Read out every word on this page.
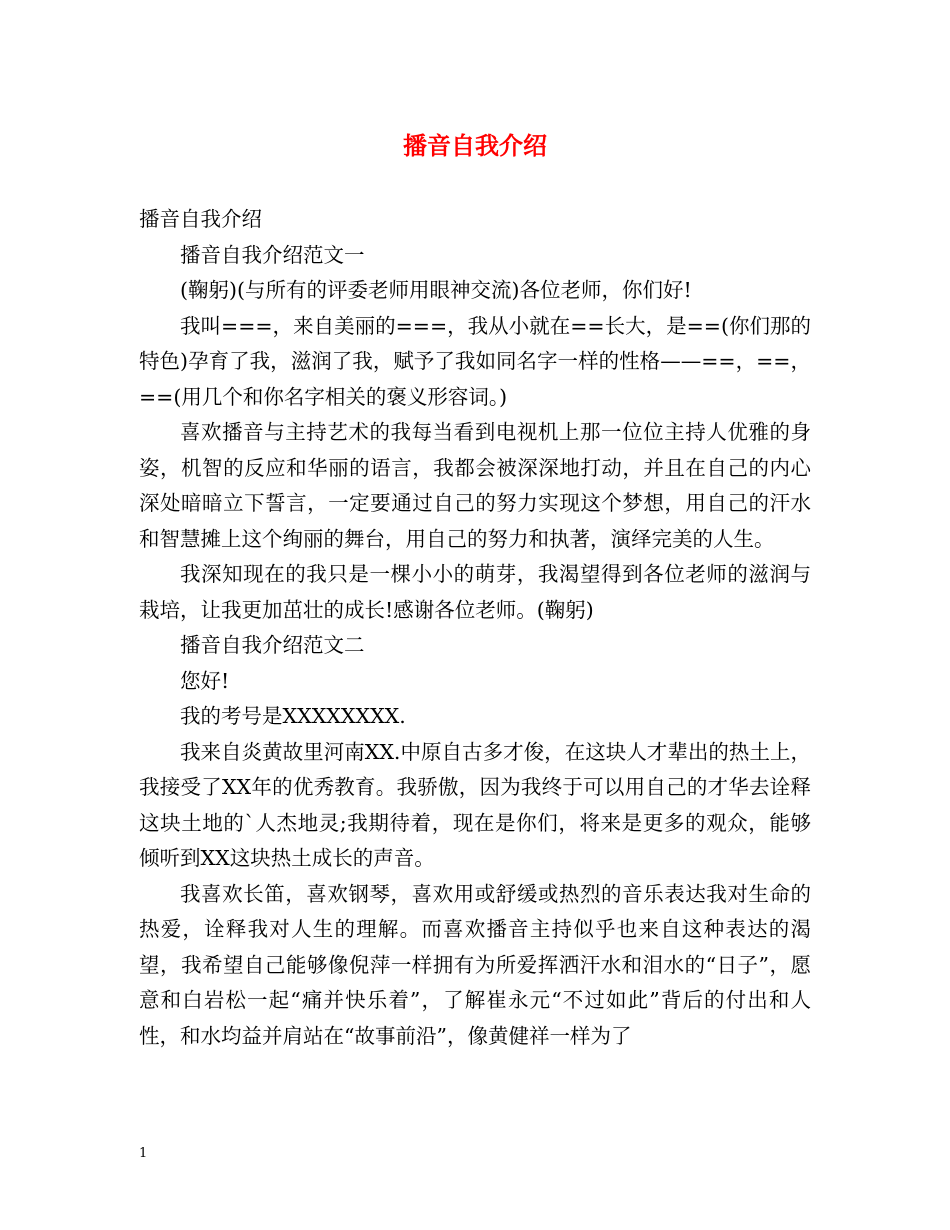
播音自我介绍

播音自我介绍

播音自我介绍范文一

(鞠躬)(与所有的评委老师用眼神交流)各位老师，你们好!

我叫===，来自美丽的===，我从小就在==长大，是==(你们那的特色)孕育了我，滋润了我，赋予了我如同名字一样的性格——==，==，==(用几个和你名字相关的褒义形容词。)

喜欢播音与主持艺术的我每当看到电视机上那一位位主持人优雅的身姿，机智的反应和华丽的语言，我都会被深深地打动，并且在自己的内心深处暗暗立下誓言，一定要通过自己的努力实现这个梦想，用自己的汗水和智慧摊上这个绚丽的舞台，用自己的努力和执著，演绎完美的人生。

我深知现在的我只是一棵小小的萌芽，我渴望得到各位老师的滋润与栽培，让我更加茁壮的成长!感谢各位老师。(鞠躬)

播音自我介绍范文二

您好!

我的考号是XXXXXXXX.

我来自炎黄故里河南XX.中原自古多才俊，在这块人才辈出的热土上，我接受了XX年的优秀教育。我骄傲，因为我终于可以用自己的才华去诠释这块土地的`人杰地灵;我期待着，现在是你们，将来是更多的观众，能够倾听到XX这块热土成长的声音。

我喜欢长笛，喜欢钢琴，喜欢用或舒缓或热烈的音乐表达我对生命的热爱，诠释我对人生的理解。而喜欢播音主持似乎也来自这种表达的渴望，我希望自己能够像倪萍一样拥有为所爱挥洒汗水和泪水的“日子”，愿意和白岩松一起“痛并快乐着”，了解崔永元“不过如此”背后的付出和人性，和水均益并肩站在“故事前沿”，像黄健祥一样为了

1
